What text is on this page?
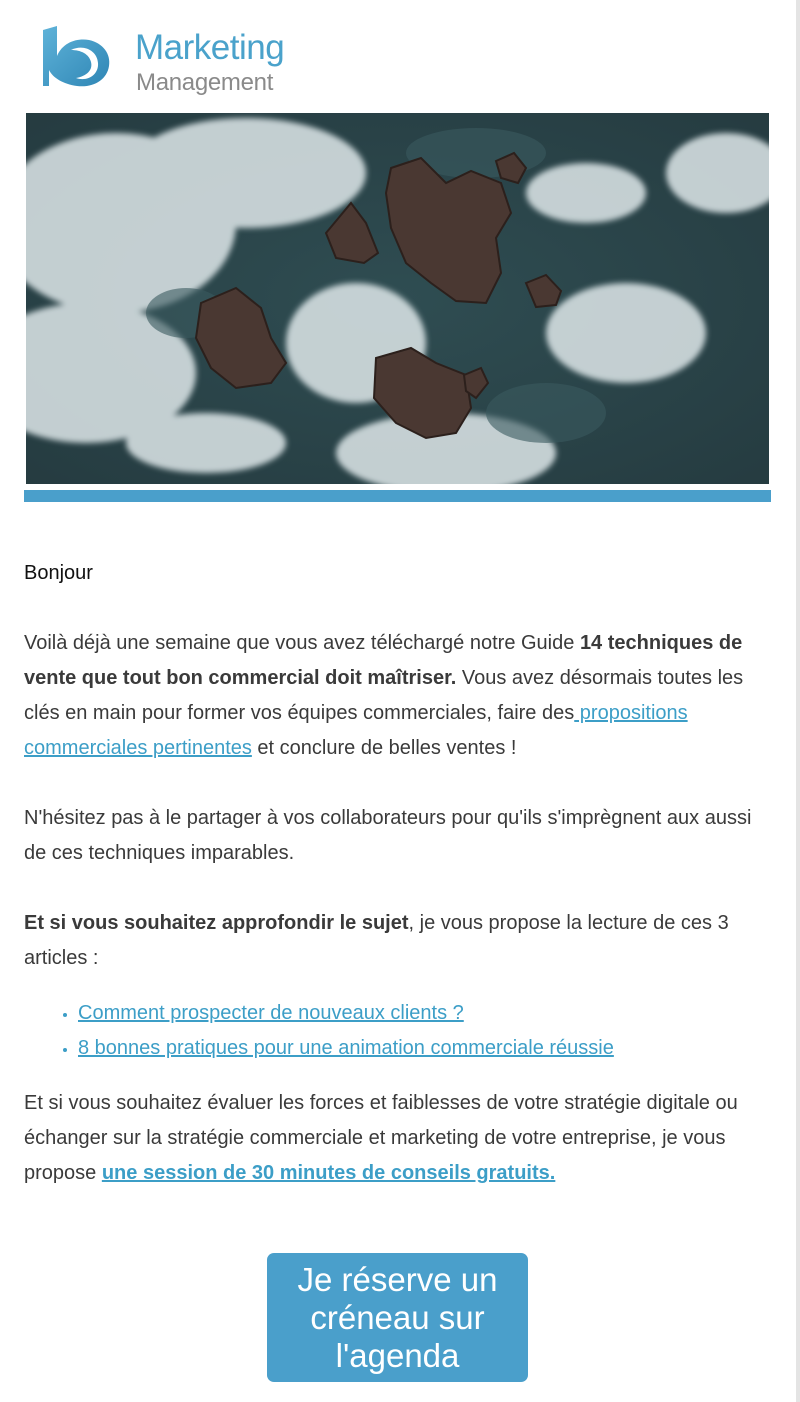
Marketing
Management

Bonjour

Voilà déjà une semaine que vous avez téléchargé notre Guide 14 techniques de vente que tout bon commercial doit maîtriser. Vous avez désormais toutes les clés en main pour former vos équipes commerciales, faire des propositions commerciales pertinentes et conclure de belles ventes !

N'hésitez pas à le partager à vos collaborateurs pour qu'ils s'imprègnent aux aussi de ces techniques imparables.

Et si vous souhaitez approfondir le sujet, je vous propose la lecture de ces 3 articles :

• Comment prospecter de nouveaux clients ?
• 8 bonnes pratiques pour une animation commerciale réussie

Et si vous souhaitez évaluer les forces et faiblesses de votre stratégie digitale ou échanger sur la stratégie commerciale et marketing de votre entreprise, je vous propose une session de 30 minutes de conseils gratuits.

Je réserve un créneau sur l'agenda
